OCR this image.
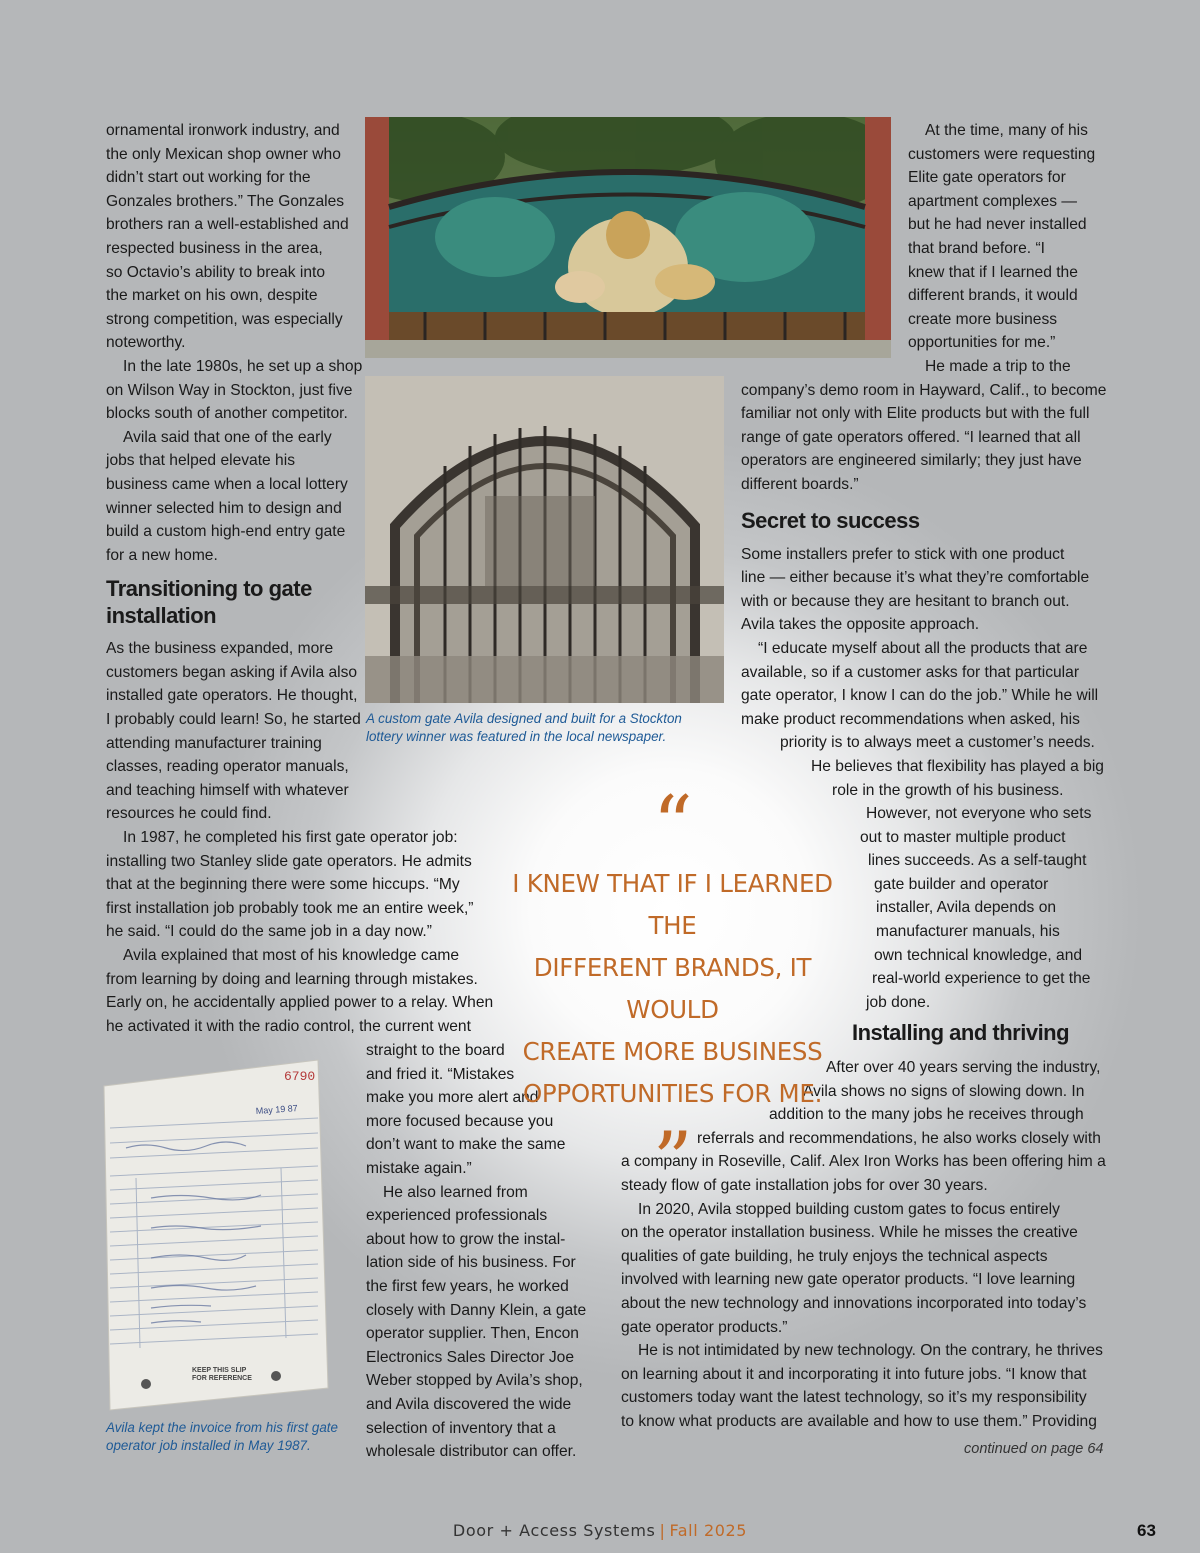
A custom gate Avila designed and built for a Stockton
lottery winner was featured in the local newspaper.
6790
May 19 87
KEEP THIS SLIP
FOR REFERENCE
Avila kept the invoice from his first gate
operator job installed in May 1987.

ornamental ironwork industry, and
the only Mexican shop owner who
didn’t start out working for the
Gonzales brothers.” The Gonzales
brothers ran a well-established and
respected business in the area,
so Octavio’s ability to break into
the market on his own, despite
strong competition, was especially
noteworthy.

In the late 1980s, he set up a shop
on Wilson Way in Stockton, just five
blocks south of another competitor.

Avila said that one of the early
jobs that helped elevate his
business came when a local lottery
winner selected him to design and
build a custom high-end entry gate
for a new home.

Transitioning to gate
installation

As the business expanded, more
customers began asking if Avila also
installed gate operators. He thought,
I probably could learn! So, he started
attending manufacturer training
classes, reading operator manuals,
and teaching himself with whatever
resources he could find.

In 1987, he completed his first gate operator job:
installing two Stanley slide gate operators. He admits
that at the beginning there were some hiccups. “My
first installation job probably took me an entire week,”
he said. “I could do the same job in a day now.”

Avila explained that most of his knowledge came
from learning by doing and learning through mistakes.
Early on, he accidentally applied power to a relay. When
he activated it with the radio control, the current went

straight to the board
and fried it. “Mistakes
make you more alert and
more focused because you
don’t want to make the same
mistake again.”

He also learned from
experienced professionals
about how to grow the instal-
lation side of his business. For
the first few years, he worked
closely with Danny Klein, a gate
operator supplier. Then, Encon
Electronics Sales Director Joe
Weber stopped by Avila’s shop,
and Avila discovered the wide
selection of inventory that a
wholesale distributor can offer.

At the time, many of his
customers were requesting
Elite gate operators for
apartment complexes —
but he had never installed
that brand before. “I
knew that if I learned the
different brands, it would
create more business
opportunities for me.”

He made a trip to the
company’s demo room in Hayward, Calif., to become
familiar not only with Elite products but with the full
range of gate operators offered. “I learned that all
operators are engineered similarly; they just have
different boards.”

Secret to success

Some installers prefer to stick with one product
line — either because it’s what they’re comfortable
with or because they are hesitant to branch out.
Avila takes the opposite approach.

“I educate myself about all the products that are
available, so if a customer asks for that particular
gate operator, I know I can do the job.” While he will
make product recommendations when asked, his
priority is to always meet a customer’s needs.

He believes that flexibility has played a big
role in the growth of his business.

However, not everyone who sets
out to master multiple product
lines succeeds. As a self-taught
gate builder and operator
installer, Avila depends on
manufacturer manuals, his
own technical knowledge, and
real-world experience to get the
job done.

Installing and thriving

After over 40 years serving the industry,
Avila shows no signs of slowing down. In
addition to the many jobs he receives through
referrals and recommendations, he also works closely with
a company in Roseville, Calif. Alex Iron Works has been offering him a
steady flow of gate installation jobs for over 30 years.

In 2020, Avila stopped building custom gates to focus entirely
on the operator installation business. While he misses the creative
qualities of gate building, he truly enjoys the technical aspects
involved with learning new gate operator products. “I love learning
about the new technology and innovations incorporated into today’s
gate operator products.”

He is not intimidated by new technology. On the contrary, he thrives
on learning about it and incorporating it into future jobs. “I know that
customers today want the latest technology, so it’s my responsibility
to know what products are available and how to use them.” Providing

“
I KNEW THAT IF I LEARNED THE
DIFFERENT BRANDS, IT WOULD
CREATE MORE BUSINESS
OPPORTUNITIES FOR ME.
”
continued on page 64
Door + Access Systems | Fall 2025	63
